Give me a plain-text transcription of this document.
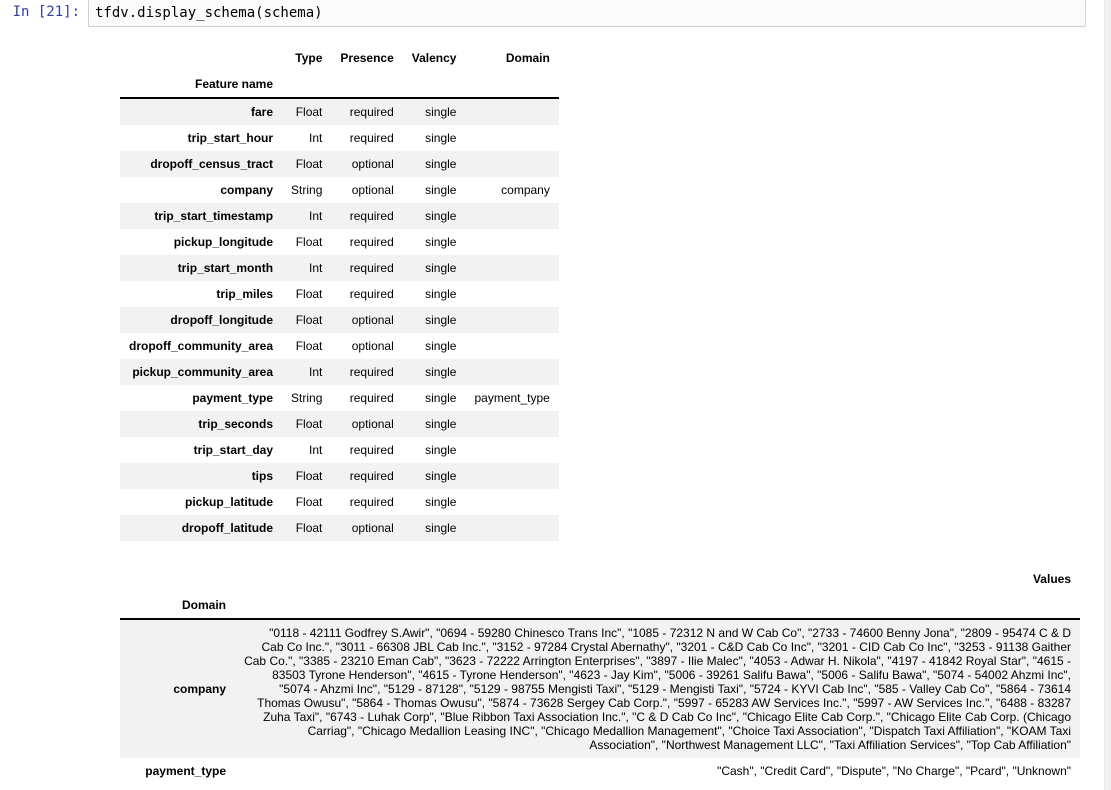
In [21]:	tfdv.display_schema(schema)
	Type	Presence	Valency	Domain
Feature name				
fare	Float	required	single	
trip_start_hour	Int	required	single	
dropoff_census_tract	Float	optional	single	
company	String	optional	single	company
trip_start_timestamp	Int	required	single	
pickup_longitude	Float	required	single	
trip_start_month	Int	required	single	
trip_miles	Float	required	single	
dropoff_longitude	Float	optional	single	
dropoff_community_area	Float	optional	single	
pickup_community_area	Int	required	single	
payment_type	String	required	single	payment_type
trip_seconds	Float	optional	single	
trip_start_day	Int	required	single	
tips	Float	required	single	
pickup_latitude	Float	required	single	
dropoff_latitude	Float	optional	single	
	Values
Domain	
company	"0118 - 42111 Godfrey S.Awir", "0694 - 59280 Chinesco Trans Inc", "1085 - 72312 N and W Cab Co", "2733 - 74600 Benny Jona", "2809 - 95474 C & D Cab Co Inc.", "3011 - 66308 JBL Cab Inc.", "3152 - 97284 Crystal Abernathy", "3201 - C&D Cab Co Inc", "3201 - CID Cab Co Inc", "3253 - 91138 Gaither Cab Co.", "3385 - 23210 Eman Cab", "3623 - 72222 Arrington Enterprises", "3897 - Ilie Malec", "4053 - Adwar H. Nikola", "4197 - 41842 Royal Star", "4615 - 83503 Tyrone Henderson", "4615 - Tyrone Henderson", "4623 - Jay Kim", "5006 - 39261 Salifu Bawa", "5006 - Salifu Bawa", "5074 - 54002 Ahzmi Inc", "5074 - Ahzmi Inc", "5129 - 87128", "5129 - 98755 Mengisti Taxi", "5129 - Mengisti Taxi", "5724 - KYVI Cab Inc", "585 - Valley Cab Co", "5864 - 73614 Thomas Owusu", "5864 - Thomas Owusu", "5874 - 73628 Sergey Cab Corp.", "5997 - 65283 AW Services Inc.", "5997 - AW Services Inc.", "6488 - 83287 Zuha Taxi", "6743 - Luhak Corp", "Blue Ribbon Taxi Association Inc.", "C & D Cab Co Inc", "Chicago Elite Cab Corp.", "Chicago Elite Cab Corp. (Chicago Carriag", "Chicago Medallion Leasing INC", "Chicago Medallion Management", "Choice Taxi Association", "Dispatch Taxi Affiliation", "KOAM Taxi Association", "Northwest Management LLC", "Taxi Affiliation Services", "Top Cab Affiliation"
payment_type	"Cash", "Credit Card", "Dispute", "No Charge", "Pcard", "Unknown"
